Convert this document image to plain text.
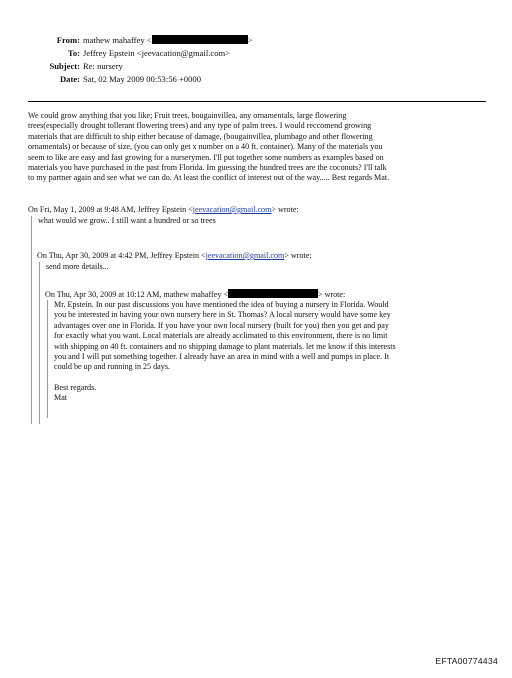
From: mathew mahaffey <	>
To: Jeffrey Epstein <jeevacation@gmail.com>
Subject: Re: nursery
Date: Sat, 02 May 2009 00:53:56 +0000
We could grow anything that you like; Fruit trees, bougainvillea, any ornamentals, large flowering
trees(especially drought tollerant flowering trees) and any type of palm trees. I would reccomend growing
materials that are difficult to ship either because of damage, (bougainvillea, plumbago and other flowering
ornamentals) or because of size, (you can only get x number on a 40 ft. container). Many of the materials you
seem to like are easy and fast growing for a nurserymen. I'll put together some numbers as examples based on
materials you have purchased in the past from Florida. Im guessing the hundred trees are the coconuts? I'll talk
to my partner again and see what we can do. At least the conflict of interest out of the way..... Best regards Mat.
On Fri, May 1, 2009 at 9:48 AM, Jeffrey Epstein <jeevacation@gmail.com> wrote:
what would we grow.. I still want a hundred or so trees
On Thu, Apr 30, 2009 at 4:42 PM, Jeffrey Epstein <jeevacation@gmail.com> wrote:
send more details...
On Thu, Apr 30, 2009 at 10:12 AM, mathew mahaffey <	> wrote:
Mr. Epstein. In our past discussions you have mentioned the idea of buying a nursery in Florida. Would
you be interested in having your own nursery here in St. Thomas? A local nursery would have some key
advantages over one in Florida. If you have your own local nursery (built for you) then you get and pay
for exactly what you want. Local materials are already acclimated to this environment, there is no limit
with shipping on 40 ft. containers and no shipping damage to plant materials. let me know if this interests
you and I will put something together. I already have an area in mind with a well and pumps in place. It
could be up and running in 25 days.
Best regards.
Mat
EFTA00774434
